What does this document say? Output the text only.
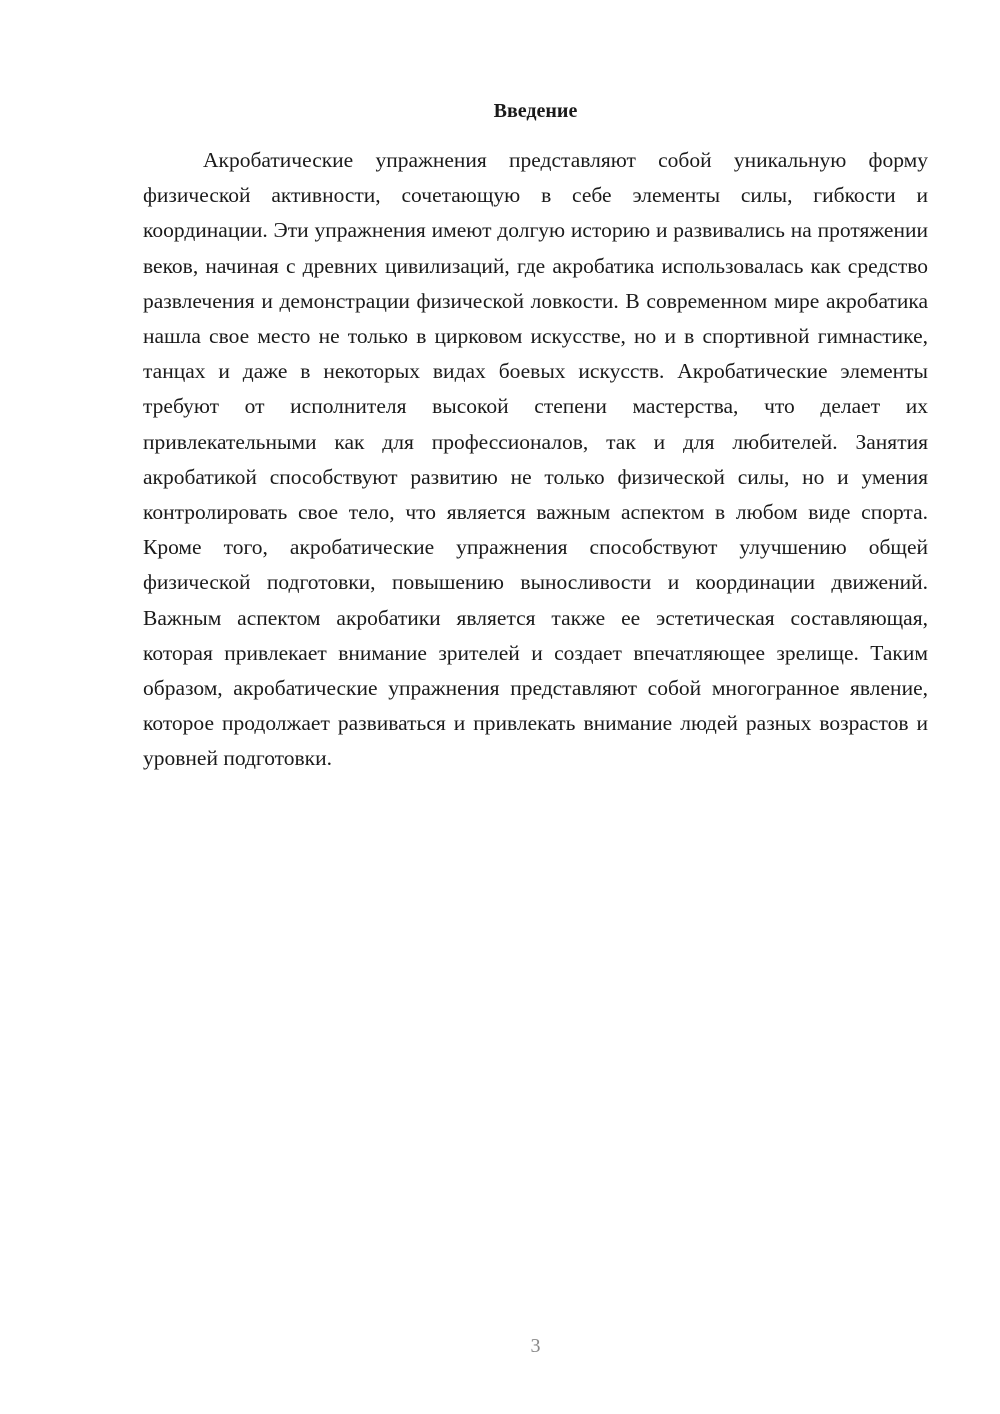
Введение

Акробатические упражнения представляют собой уникальную форму физической активности, сочетающую в себе элементы силы, гибкости и координации. Эти упражнения имеют долгую историю и развивались на протяжении веков, начиная с древних цивилизаций, где акробатика использовалась как средство развлечения и демонстрации физической ловкости. В современном мире акробатика нашла свое место не только в цирковом искусстве, но и в спортивной гимнастике, танцах и даже в некоторых видах боевых искусств. Акробатические элементы требуют от исполнителя высокой степени мастерства, что делает их привлекательными как для профессионалов, так и для любителей. Занятия акробатикой способствуют развитию не только физической силы, но и умения контролировать свое тело, что является важным аспектом в любом виде спорта. Кроме того, акробатические упражнения способствуют улучшению общей физической подготовки, повышению выносливости и координации движений. Важным аспектом акробатики является также ее эстетическая составляющая, которая привлекает внимание зрителей и создает впечатляющее зрелище. Таким образом, акробатические упражнения представляют собой многогранное явление, которое продолжает развиваться и привлекать внимание людей разных возрастов и уровней подготовки.

3
